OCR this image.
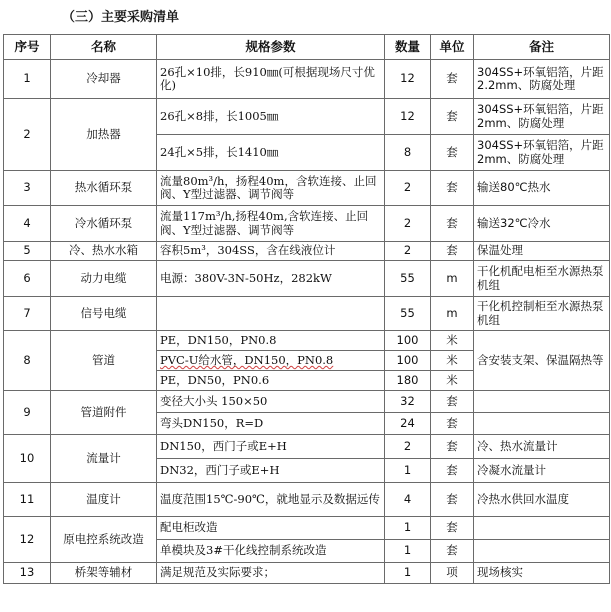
（三）主要采购清单
序号	名称	规格参数	数量	单位	备注
1	冷却器	26孔×10排，长910㎜(可根据现场尺寸优化)	12	套	304SS+环氧铝箔，片距 2.2mm、防腐处理
2	加热器	26孔×8排，长1005㎜	12	套	304SS+环氧铝箔，片距2mm、防腐处理
		24孔×5排，长1410㎜	8	套	304SS+环氧铝箔，片距2mm、防腐处理
3	热水循环泵	流量80m³/h，扬程40m，含软连接、止回阀、Y型过滤器、调节阀等	2	套	输送80℃热水
4	冷水循环泵	流量117m³/h,扬程40m,含软连接、止回阀、Y型过滤器、调节阀等	2	套	输送32℃冷水
5	冷、热水水箱	容积5m³，304SS，含在线液位计	2	套	保温处理
6	动力电缆	电源：380V-3N-50Hz，282kW	55	m	干化机配电柜至水源热泵机组
7	信号电缆		55	m	干化机控制柜至水源热泵机组
8	管道	PE，DN150，PN0.8	100	米	含安装支架、保温隔热等
		PVC-U给水管，DN150，PN0.8	100	米	
		PE，DN50，PN0.6	180	米	
9	管道附件	变径大小头 150×50	32	套	
		弯头DN150，R=D	24	套	
10	流量计	DN150，西门子或E+H	2	套	冷、热水流量计
		DN32，西门子或E+H	1	套	冷凝水流量计
11	温度计	温度范围15℃-90℃，就地显示及数据远传	4	套	冷热水供回水温度
12	原电控系统改造	配电柜改造	1	套	
		单模块及3#干化线控制系统改造	1	套	
13	桥架等辅材	满足规范及实际要求；	1	项	现场核实
